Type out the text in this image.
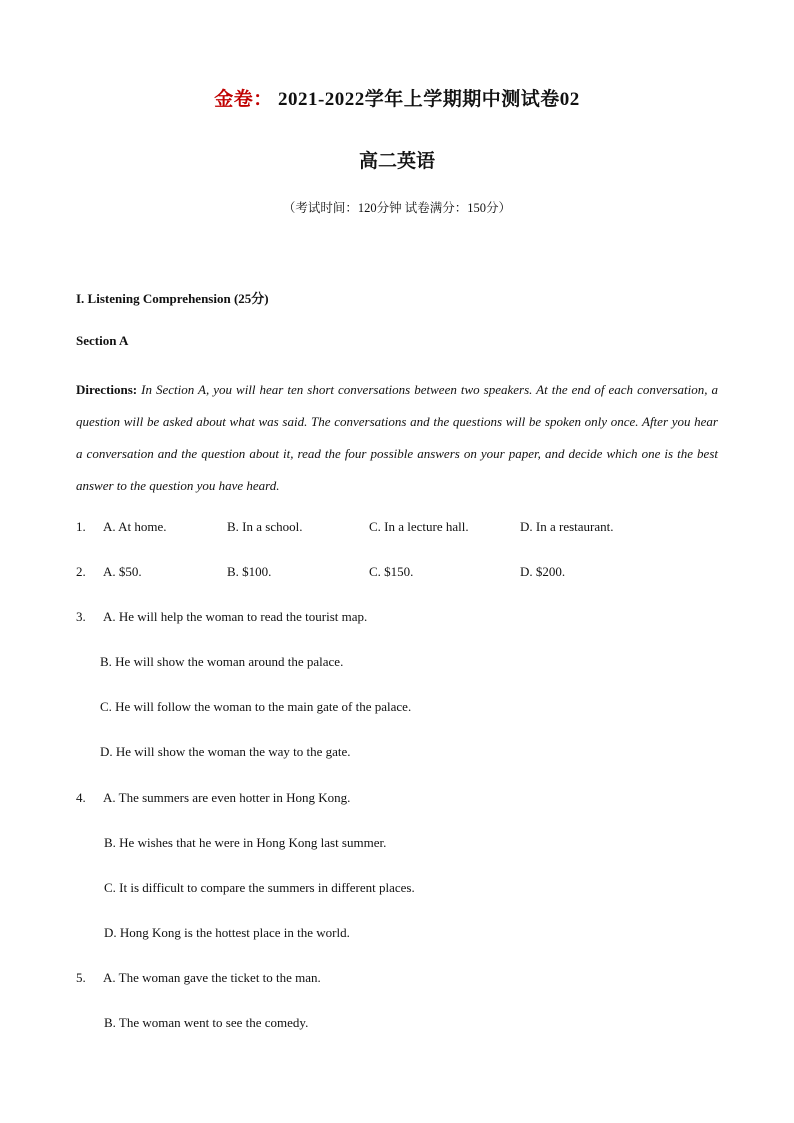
金卷： 2021-2022学年上学期期中测试卷02
高二英语
（考试时间：120分钟 试卷满分：150分）
I. Listening Comprehension (25分)
Section A
Directions: In Section A, you will hear ten short conversations between two speakers. At the end of each conversation, a question will be asked about what was said. The conversations and the questions will be spoken only once. After you hear a conversation and the question about it, read the four possible answers on your paper, and decide which one is the best answer to the question you have heard.
1. A. At home.	B. In a school.	C. In a lecture hall.	D. In a restaurant.
2. A. $50.	B. $100.	C. $150.	D. $200.
3. A. He will help the woman to read the tourist map.
B. He will show the woman around the palace.
C. He will follow the woman to the main gate of the palace.
D. He will show the woman the way to the gate.
4. A. The summers are even hotter in Hong Kong.
B. He wishes that he were in Hong Kong last summer.
C. It is difficult to compare the summers in different places.
D. Hong Kong is the hottest place in the world.
5. A. The woman gave the ticket to the man.
B. The woman went to see the comedy.
